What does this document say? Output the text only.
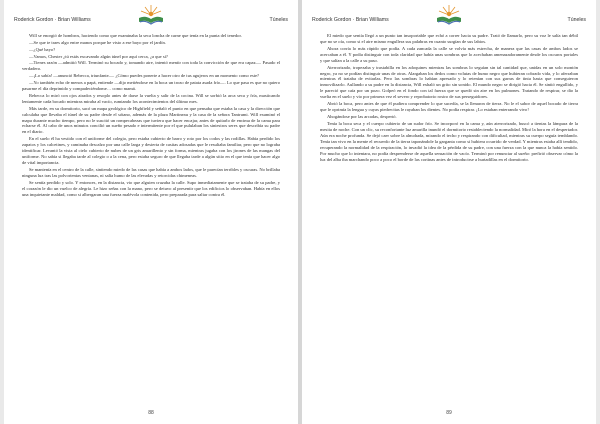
Roderick Gordon · Brian Williams	Túneles

Will se enorgió de hombros, haciendo como que examinaba la seca loncha de carne que tenía en la punta del tenedor.

—Se que te traes algo entre manos porque he visto a ese bayo por el jardín.

—¿Qué bayo?

—Vamos, Chester ¿tú estás excavando algún túnel por aquí cerca, ¿a que sí?

—Tienes razón —admitió Will. Terminó su bocado y, tomando aire, intentó mentir con toda la convicción de que era capaz—. Pasado el verdadero.

—¡Lo sabía! —anunció Rebecca, triunfante—. ¿Cómo puedes ponerte a hacer otro de tus agujeros en un momento como este?

—Yo también echo de menos a papá, entiende —dijo metiéndose en la boca un trozo de patata asada frío—. Lo que pasa es que no quiero pasarme el día deprimido y compadeciéndome… como mamá.

Rebecca lo miró con ojos airados y resoplo antes de darse la vuelta y salir de la cocina. Will se sorbió la arca seca y fría, masticando lentamente cada bocado mientras miraba al vacío, rumiando los acontecimientos del último mes.

Más tarde, en su dormitorio, sacó un mapa geológico de Highfield y señaló el punto en que pensaba que estaba la casa y la dirección que calculaba que llevaba el túnel de su padre desde el sótano, además de la plaza Martineau y la casa de la señora Tantrumi. Will examinó el mapa durante mucho tiempo, pero no le suscitó un rompecabezas que tuviera que hacer encajar, antes de quitarlo de encima de la cama para echarse él. Al cabo de unos minutos concilió un sueño pesado e intermitente por el que pululaban los siniestros seres que describía su padre en el diario.

En el suelo él ha vestido con el uniforme del colegio, pero estaba cubierto de barro y roto por los codos y las rodillas. Había perdido los zapatos y los calcetines, y caminaba descalzo por una calle larga y desierta de casitas adosadas que le resultaba familiar, pero que no lograba identificar. Levantó la vista al cielo cubierto de nubes de un gris amarillento y sin forma, mientras jugaba con los jirones de las mangas del uniforme. No sabía si llegaba tarde al colegio o a la cena, pero estaba seguro de que llegaba tarde a algún sitio en el que tenía que hacer algo de vital importancia.

Se mantenía en el centro de la calle, sintiendo miedo de las casas que había a ambos lados, que le parecían terribles y oscuras. No brillaba ninguna luz tras las polvorientas ventanas, ni salía humo de las elevadas y retorcidas chimeneas.

Se sentía perdido y solo. Y entonces, en la distancia, vio que alguien cruzaba la calle. Supo inmediatamente que se trataba de su padre, y el corazón le dio un vuelco de alegría. Le hizo señas con la mano, pero se detuvo al presentir que los edificios lo observaban. Había en ellos una inquietante maldad, como si albergaran una fuerza malévola contenida, pero preparada para saltar contra él.

88
Roderick Gordon · Brian Williams	Túneles

El miedo que sentía llegó a un punto tan insoportable que echó a correr hacia su padre. Trató de llamarlo, pero su voz le salía tan débil que no se oía, como si el aire mismo engullera sus palabras en cuanto surgían de sus labios.

Ahora corría lo más rápido que podía. A cada zancada la calle se volvía más estrecha, de manera que las casas de ambos lados se acercaban a él. Y podía distinguir con toda claridad que había unas sombras que lo acechaban amenazadoramente desde los oscuros portales y que salían a la calle a su paso.

Aterrorizado, tropezaba y trastabilla en los adoquines mientras las sombras lo seguían sin tal cantidad que, unidas en un solo montón negro, ya no se podían distinguir unas de otras. Alargaban los dedos como volutas de humo negro que hubieran cobrado vida, y lo aferraban mientras él trataba de evitarlas. Pero las sombras lo habían apresado y lo retenían con sus garras de tinta hasta que conseguieron inmovilizarlo. Aullando a su padre en la distancia, Will exhaló un grito sin sonido. El mundo negro se dirigió hacia él. Se sintió engullido, y le pareció que caía por un pozo. Golpeó en el fondo con tal fuerza que se quedó sin aire en los pulmones. Tratando de respirar, se dio la vuelta en el suelo y vio por primera vez el severo y reprobatorio rostro de sus perseguidores.

Abrió la boca, pero antes de que él pudiera comprender lo que sucedía, se la llenaron de tierra. No le el sabor de aquel bocado de tierra que le oprimía la lengua y cuyas piedrecitas le rayaban los dientes. No podía respirar. ¡Lo estaban enterrando vivo!

Ahogándose por las arcadas, despertó.

Tenía la boca seca y el cuerpo cubierto de un sudor frío. Se incorporó en la cama y, aún aterrorizado, buscó a tientas la lámpara de la mesita de noche. Con un clic, su reconfortante luz amarilla inundó el dormitorio restableciendo la normalidad. Miró la hora en el despertador. Aún era noche profunda. Se dejó caer sobre la almohada, mirando el techo y respirando con dificultad, mientras su cuerpo seguía temblando. Tenía tan vivo en la mente el recuerdo de la tierra taponándole la garganta como si hubiera ocurrido de verdad. Y mientras estaba allí tendido, recuperando la normalidad de la respiración, lo invadió la idea de la pérdida de su padre, con una fuerza con la que nunca la había sentido. Por mucho que lo intentara, no podía desprenderse de aquella sensación de vacío. Terminó por renunciar al sueño: prefirió observar cómo la luz del alba iba marchando poco a poco el borde de las cortinas antes de introducirse a hurtadillas en el dormitorio.

89
